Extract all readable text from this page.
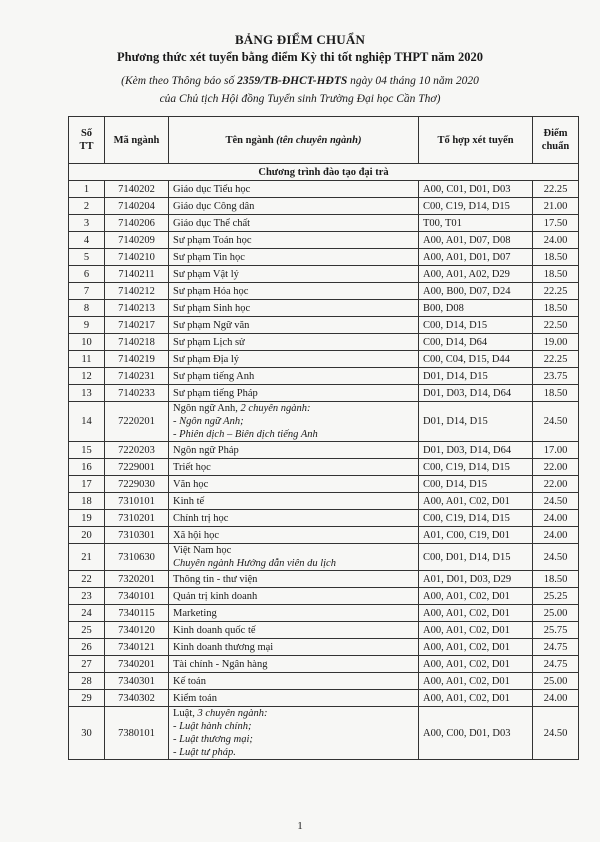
BẢNG ĐIỂM CHUẨN
Phương thức xét tuyển bằng điểm Kỳ thi tốt nghiệp THPT năm 2020
(Kèm theo Thông báo số 2359/TB-ĐHCT-HĐTS ngày 04 tháng 10 năm 2020
của Chủ tịch Hội đồng Tuyển sinh Trường Đại học Cần Thơ)
Số TT	Mã ngành	Tên ngành (tên chuyên ngành)	Tổ hợp xét tuyển	Điểm chuẩn
Chương trình đào tạo đại trà				
1	7140202	Giáo dục Tiểu học	A00, C01, D01, D03	22.25
2	7140204	Giáo dục Công dân	C00, C19, D14, D15	21.00
3	7140206	Giáo dục Thể chất	T00, T01	17.50
4	7140209	Sư phạm Toán học	A00, A01, D07, D08	24.00
5	7140210	Sư phạm Tin học	A00, A01, D01, D07	18.50
6	7140211	Sư phạm Vật lý	A00, A01, A02, D29	18.50
7	7140212	Sư phạm Hóa học	A00, B00, D07, D24	22.25
8	7140213	Sư phạm Sinh học	B00, D08	18.50
9	7140217	Sư phạm Ngữ văn	C00, D14, D15	22.50
10	7140218	Sư phạm Lịch sử	C00, D14, D64	19.00
11	7140219	Sư phạm Địa lý	C00, C04, D15, D44	22.25
12	7140231	Sư phạm tiếng Anh	D01, D14, D15	23.75
13	7140233	Sư phạm tiếng Pháp	D01, D03, D14, D64	18.50
14	7220201	Ngôn ngữ Anh, 2 chuyên ngành:
- Ngôn ngữ Anh;
- Phiên dịch – Biên dịch tiếng Anh	D01, D14, D15	24.50
15	7220203	Ngôn ngữ Pháp	D01, D03, D14, D64	17.00
16	7229001	Triết học	C00, C19, D14, D15	22.00
17	7229030	Văn học	C00, D14, D15	22.00
18	7310101	Kinh tế	A00, A01, C02, D01	24.50
19	7310201	Chính trị học	C00, C19, D14, D15	24.00
20	7310301	Xã hội học	A01, C00, C19, D01	24.00
21	7310630	Việt Nam học
Chuyên ngành Hướng dẫn viên du lịch	C00, D01, D14, D15	24.50
22	7320201	Thông tin - thư viện	A01, D01, D03, D29	18.50
23	7340101	Quản trị kinh doanh	A00, A01, C02, D01	25.25
24	7340115	Marketing	A00, A01, C02, D01	25.00
25	7340120	Kinh doanh quốc tế	A00, A01, C02, D01	25.75
26	7340121	Kinh doanh thương mại	A00, A01, C02, D01	24.75
27	7340201	Tài chính - Ngân hàng	A00, A01, C02, D01	24.75
28	7340301	Kế toán	A00, A01, C02, D01	25.00
29	7340302	Kiểm toán	A00, A01, C02, D01	24.00
30	7380101	Luật, 3 chuyên ngành:
- Luật hành chính;
- Luật thương mại;
- Luật tư pháp.	A00, C00, D01, D03	24.50
1
